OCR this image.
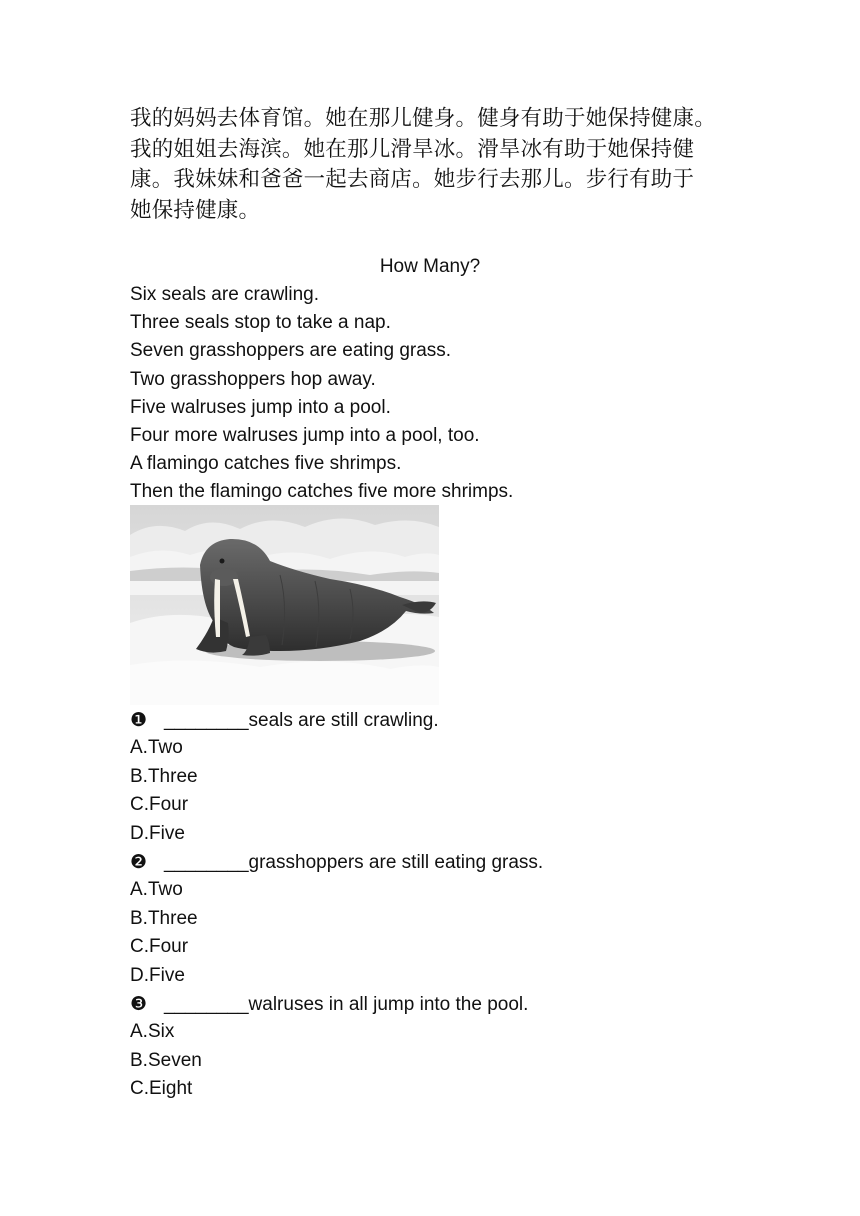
我的妈妈去体育馆。她在那儿健身。健身有助于她保持健康。

我的姐姐去海滨。她在那儿滑旱冰。滑旱冰有助于她保持健

康。我妹妹和爸爸一起去商店。她步行去那儿。步行有助于

她保持健康。

How Many?
Six seals are crawling.
Three seals stop to take a nap.
Seven grasshoppers are eating grass.
Two grasshoppers hop away.
Five walruses jump into a pool.
Four more walruses jump into a pool, too.
A flamingo catches five shrimps.
Then the flamingo catches five more shrimps.
❶ ________seals are still crawling.
A.Two
B.Three
C.Four
D.Five
❷ ________grasshoppers are still eating grass.
A.Two
B.Three
C.Four
D.Five
❸ ________walruses in all jump into the pool.
A.Six
B.Seven
C.Eight
